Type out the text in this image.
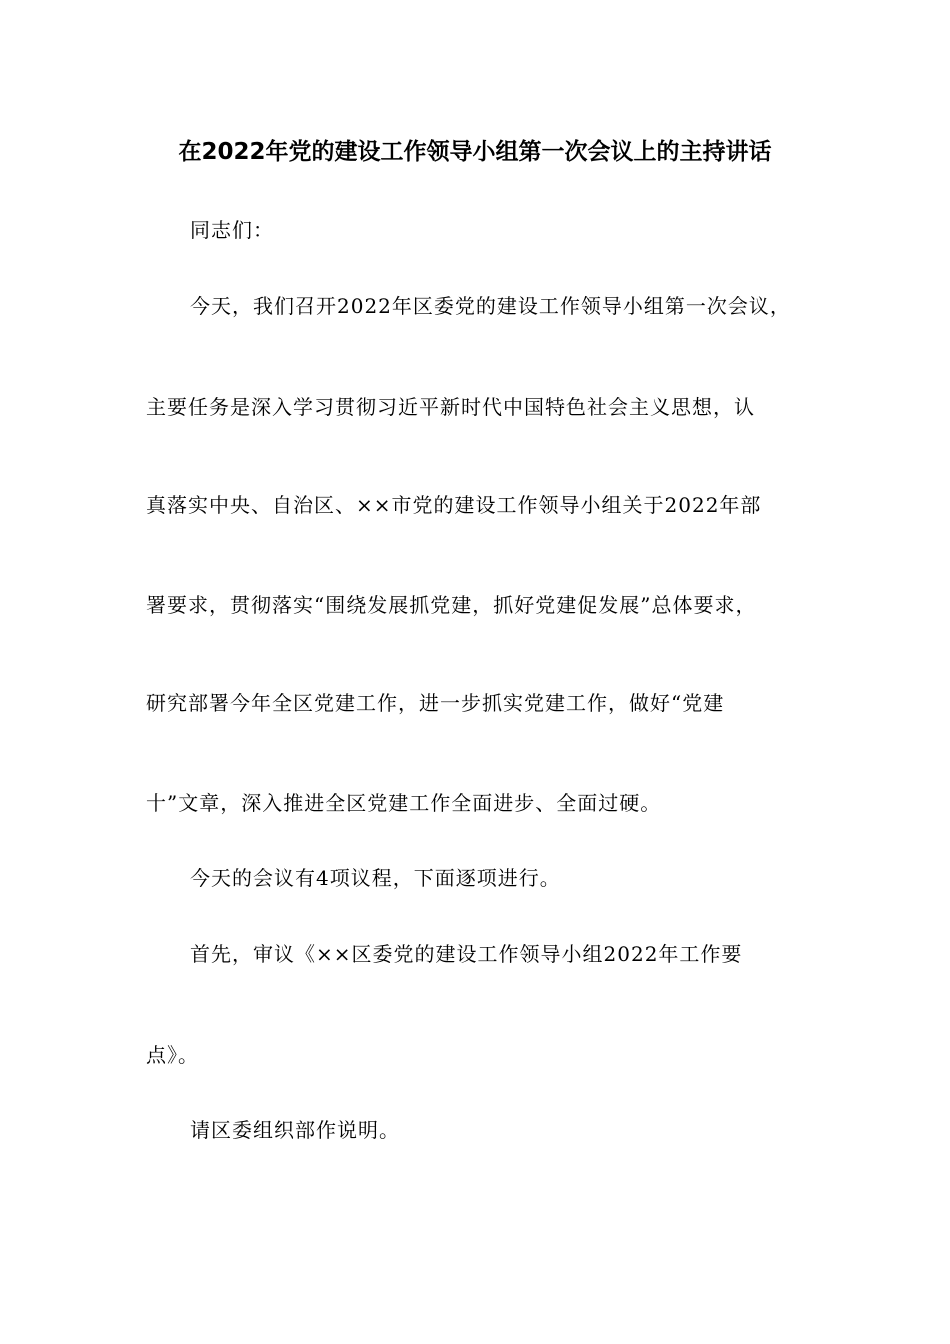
在2022年党的建设工作领导小组第一次会议上的主持讲话
同志们：
今天，我们召开2022年区委党的建设工作领导小组第一次会议，
主要任务是深入学习贯彻习近平新时代中国特色社会主义思想，认
真落实中央、自治区、××市党的建设工作领导小组关于2022年部
署要求，贯彻落实“围绕发展抓党建，抓好党建促发展”总体要求，
研究部署今年全区党建工作，进一步抓实党建工作，做好“党建
十”文章，深入推进全区党建工作全面进步、全面过硬。
今天的会议有4项议程，下面逐项进行。
首先，审议《××区委党的建设工作领导小组2022年工作要
点》。
请区委组织部作说明。
